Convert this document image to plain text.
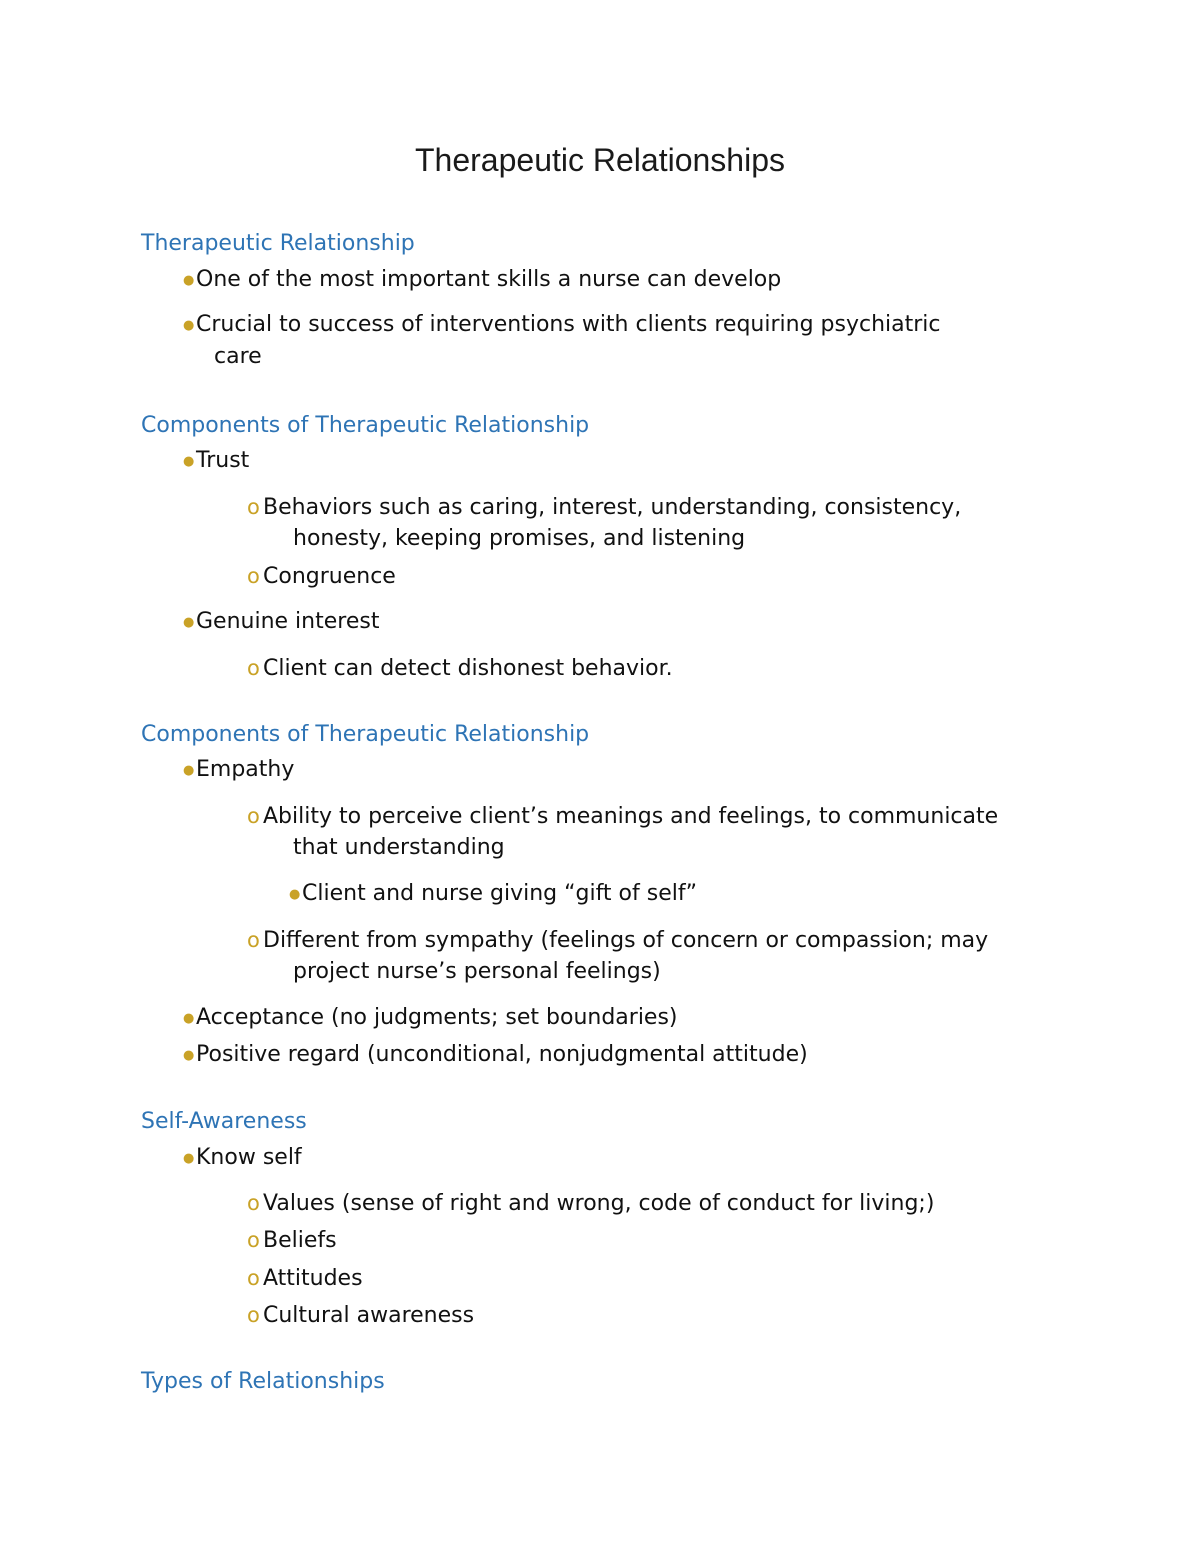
Therapeutic Relationships
Therapeutic Relationship
●One of the most important skills a nurse can develop
●Crucial to success of interventions with clients requiring psychiatric
care
Components of Therapeutic Relationship
●Trust
o Behaviors such as caring, interest, understanding, consistency,
honesty, keeping promises, and listening
o Congruence
●Genuine interest
o Client can detect dishonest behavior.
Components of Therapeutic Relationship
●Empathy
o Ability to perceive client’s meanings and feelings, to communicate
that understanding
●Client and nurse giving “gift of self”
o Different from sympathy (feelings of concern or compassion; may
project nurse’s personal feelings)
●Acceptance (no judgments; set boundaries)
●Positive regard (unconditional, nonjudgmental attitude)
Self-Awareness
●Know self
o Values (sense of right and wrong, code of conduct for living;)
o Beliefs
o Attitudes
o Cultural awareness
Types of Relationships
